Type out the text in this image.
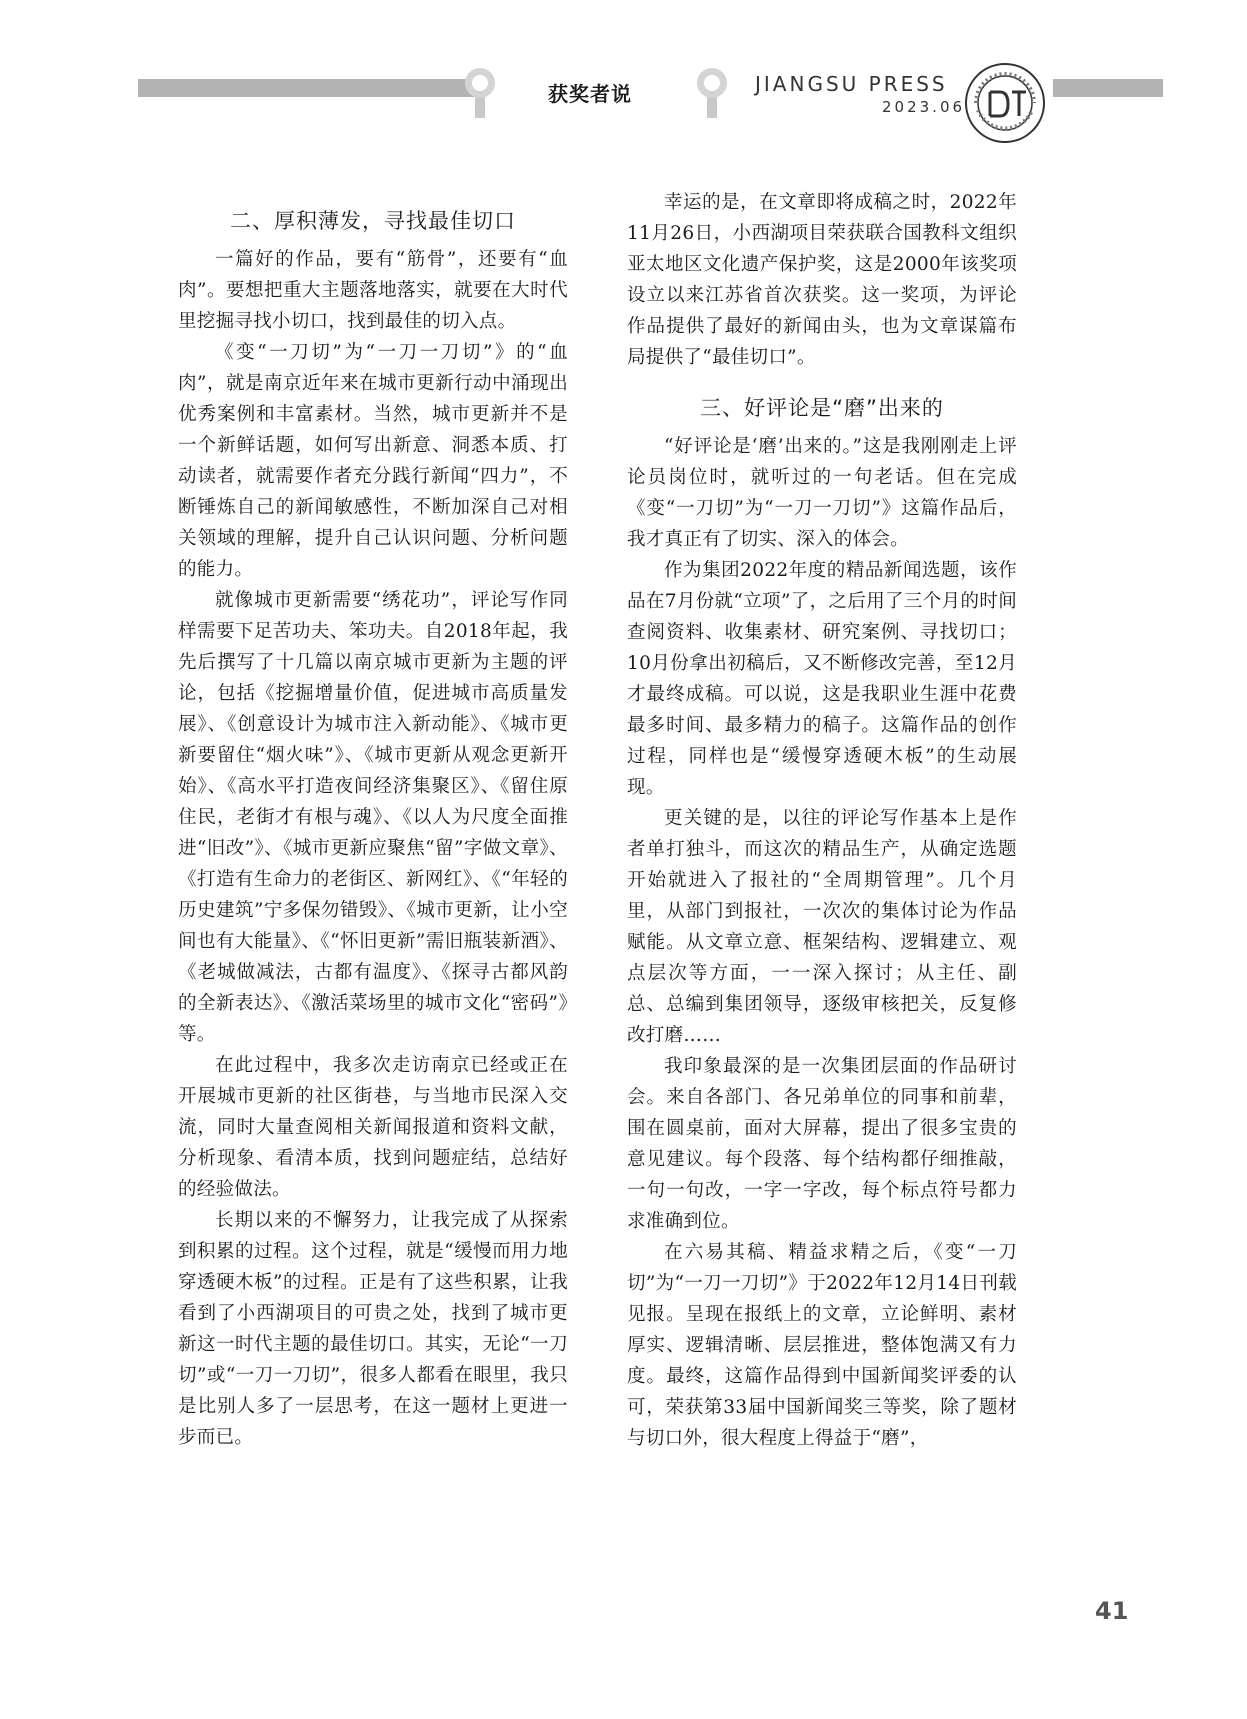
获奖者说	JIANGSU PRESS
2023.06
二、厚积薄发，寻找最佳切口

一篇好的作品，要有“筋骨”，还要有“血肉”。要想把重大主题落地落实，就要在大时代里挖掘寻找小切口，找到最佳的切入点。

《变“一刀切”为“一刀一刀切”》的“血肉”，就是南京近年来在城市更新行动中涌现出优秀案例和丰富素材。当然，城市更新并不是一个新鲜话题，如何写出新意、洞悉本质、打动读者，就需要作者充分践行新闻“四力”，不断锤炼自己的新闻敏感性，不断加深自己对相关领域的理解，提升自己认识问题、分析问题的能力。

就像城市更新需要“绣花功”，评论写作同样需要下足苦功夫、笨功夫。自2018年起，我先后撰写了十几篇以南京城市更新为主题的评论，包括《挖掘增量价值，促进城市高质量发展》、《创意设计为城市注入新动能》、《城市更新要留住“烟火味”》、《城市更新从观念更新开始》、《高水平打造夜间经济集聚区》、《留住原住民，老街才有根与魂》、《以人为尺度全面推进“旧改”》、《城市更新应聚焦“留”字做文章》、《打造有生命力的老街区、新网红》、《“年轻的历史建筑”宁多保勿错毁》、《城市更新，让小空间也有大能量》、《“怀旧更新”需旧瓶装新酒》、《老城做减法，古都有温度》、《探寻古都风韵的全新表达》、《激活菜场里的城市文化“密码”》等。

在此过程中，我多次走访南京已经或正在开展城市更新的社区街巷，与当地市民深入交流，同时大量查阅相关新闻报道和资料文献，分析现象、看清本质，找到问题症结，总结好的经验做法。

长期以来的不懈努力，让我完成了从探索到积累的过程。这个过程，就是“缓慢而用力地穿透硬木板”的过程。正是有了这些积累，让我看到了小西湖项目的可贵之处，找到了城市更新这一时代主题的最佳切口。其实，无论“一刀切”或“一刀一刀切”，很多人都看在眼里，我只是比别人多了一层思考，在这一题材上更进一步而已。

幸运的是，在文章即将成稿之时，2022年11月26日，小西湖项目荣获联合国教科文组织亚太地区文化遗产保护奖，这是2000年该奖项设立以来江苏省首次获奖。这一奖项，为评论作品提供了最好的新闻由头，也为文章谋篇布局提供了“最佳切口”。

三、好评论是“磨”出来的

“好评论是‘磨’出来的。”这是我刚刚走上评论员岗位时，就听过的一句老话。但在完成《变“一刀切”为“一刀一刀切”》这篇作品后，我才真正有了切实、深入的体会。

作为集团2022年度的精品新闻选题，该作品在7月份就“立项”了，之后用了三个月的时间查阅资料、收集素材、研究案例、寻找切口；10月份拿出初稿后，又不断修改完善，至12月才最终成稿。可以说，这是我职业生涯中花费最多时间、最多精力的稿子。这篇作品的创作过程，同样也是“缓慢穿透硬木板”的生动展现。

更关键的是，以往的评论写作基本上是作者单打独斗，而这次的精品生产，从确定选题开始就进入了报社的“全周期管理”。几个月里，从部门到报社，一次次的集体讨论为作品赋能。从文章立意、框架结构、逻辑建立、观点层次等方面，一一深入探讨；从主任、副总、总编到集团领导，逐级审核把关，反复修改打磨……

我印象最深的是一次集团层面的作品研讨会。来自各部门、各兄弟单位的同事和前辈，围在圆桌前，面对大屏幕，提出了很多宝贵的意见建议。每个段落、每个结构都仔细推敲，一句一句改，一字一字改，每个标点符号都力求准确到位。

在六易其稿、精益求精之后，《变“一刀切”为“一刀一刀切”》于2022年12月14日刊载见报。呈现在报纸上的文章，立论鲜明、素材厚实、逻辑清晰、层层推进，整体饱满又有力度。最终，这篇作品得到中国新闻奖评委的认可，荣获第33届中国新闻奖三等奖，除了题材与切口外，很大程度上得益于“磨”，

41
